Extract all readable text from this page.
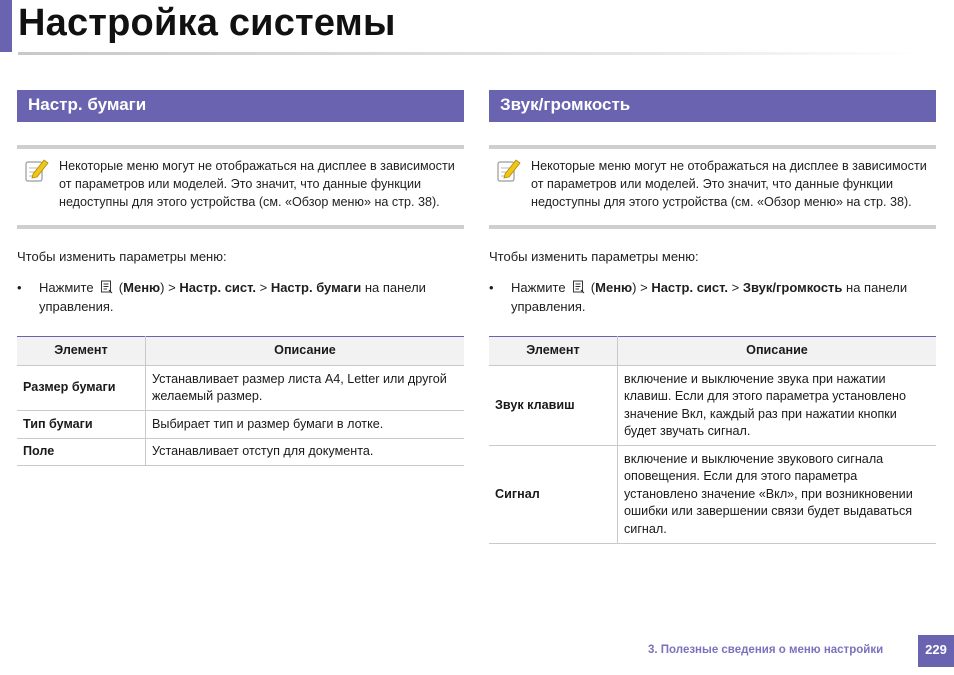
Настройка системы
Настр. бумаги
Некоторые меню могут не отображаться на дисплее в зависимости от параметров или моделей. Это значит, что данные функции недоступны для этого устройства (см. «Обзор меню» на стр. 38).
Чтобы изменить параметры меню:
• Нажмите  (Меню) > Настр. сист. > Настр. бумаги на панели управления.
Элемент	Описание
Размер бумаги	Устанавливает размер листа A4, Letter или другой желаемый размер.
Тип бумаги	Выбирает тип и размер бумаги в лотке.
Поле	Устанавливает отступ для документа.
Звук/громкость
Некоторые меню могут не отображаться на дисплее в зависимости от параметров или моделей. Это значит, что данные функции недоступны для этого устройства (см. «Обзор меню» на стр. 38).
Чтобы изменить параметры меню:
• Нажмите  (Меню) > Настр. сист. > Звук/громкость на панели управления.
Элемент	Описание
Звук клавиш	включение и выключение звука при нажатии клавиш. Если для этого параметра установлено значение Вкл, каждый раз при нажатии кнопки будет звучать сигнал.
Сигнал	включение и выключение звукового сигнала оповещения. Если для этого параметра установлено значение «Вкл», при возникновении ошибки или завершении связи будет выдаваться сигнал.
3. Полезные сведения о меню настройки	229
